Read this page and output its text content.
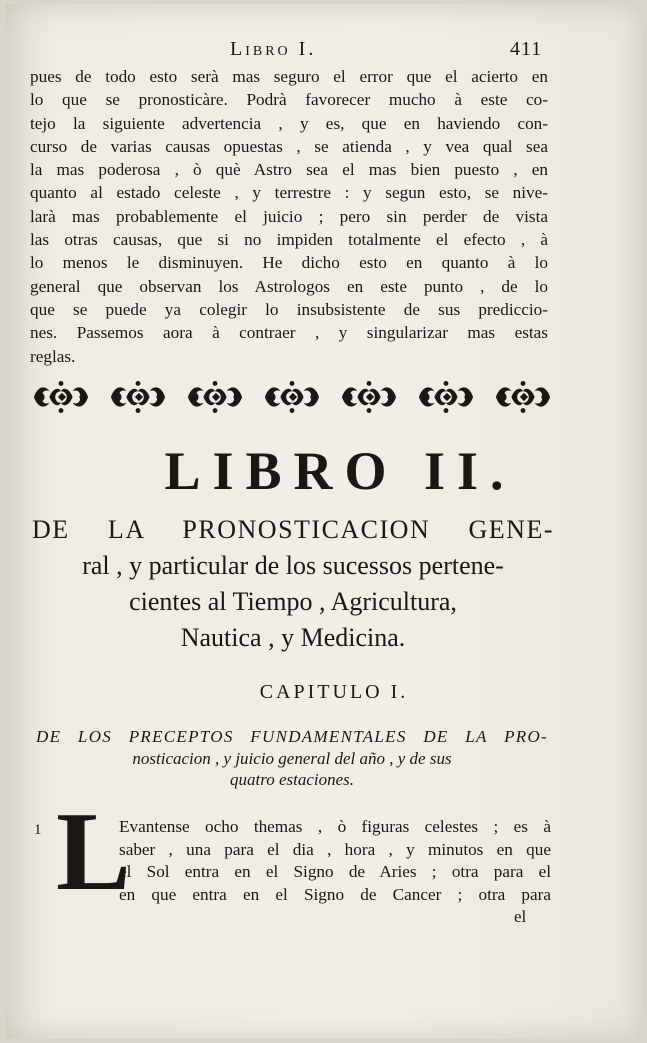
Libro I.	411
pues de todo esto serà mas seguro el error que el acierto en
lo que se pronosticàre. Podrà favorecer mucho à este co-
tejo la siguiente advertencia , y es, que en haviendo con-
curso de varias causas opuestas , se atienda , y vea qual sea
la mas poderosa , ò què Astro sea el mas bien puesto , en
quanto al estado celeste , y terrestre : y segun esto, se nive-
larà mas probablemente el juicio ; pero sin perder de vista
las otras causas, que si no impiden totalmente el efecto , à
lo menos le disminuyen. He dicho esto en quanto à lo
general que observan los Astrologos en este punto , de lo
que se puede ya colegir lo insubsistente de sus prediccio-
nes. Passemos aora à contraer , y singularizar mas estas
reglas.
LIBRO II.
DE LA PRONOSTICACION GENE-
ral , y particular de los sucessos pertene-
cientes al Tiempo , Agricultura,
Nautica , y Medicina.
CAPITULO I.
DE LOS PRECEPTOS FUNDAMENTALES DE LA PRO-
nosticacion , y juicio general del año , y de sus
quatro estaciones.
1 L
Evantense ocho themas , ò figuras celestes ; es à
saber , una para el dia , hora , y minutos en que
el Sol entra en el Signo de Aries ; otra para el
en que entra en el Signo de Cancer ; otra para
el
